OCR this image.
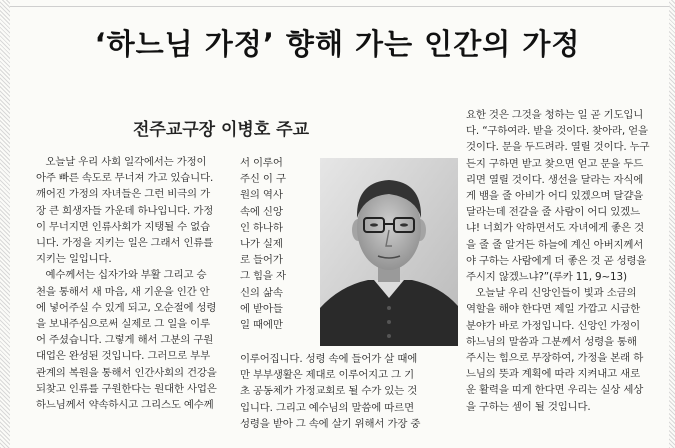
‘하느님 가정’ 향해 가는 인간의 가정
전주교구장 이병호 주교
오늘날 우리 사회 일각에서는 가정이
아주 빠른 속도로 무너져 가고 있습니다.
깨어진 가정의 자녀들은 그런 비극의 가
장 큰 희생자들 가운데 하나입니다. 가정
이 무너지면 인류사회가 지탱될 수 없습
니다. 가정을 지키는 일은 그래서 인류를
지키는 일입니다.
예수께서는 십자가와 부활 그리고 승
천을 통해서 새 마음, 새 기운을 인간 안
에 넣어주실 수 있게 되고, 오순절에 성령
을 보내주심으로써 실제로 그 일을 이루
어 주셨습니다. 그렇게 해서 그분의 구원
대업은 완성된 것입니다. 그러므로 부부
관계의 복원을 통해서 인간사회의 건강을
되찾고 인류를 구원한다는 원대한 사업은
하느님께서 약속하시고 그리스도 예수께
서 이루어
주신 이 구
원의 역사
속에 신앙
인 하나하
나가 실제
로 들어가
그 힘을 자
신의 삶속
에 받아들
일 때에만
이루어집니다. 성령 속에 들어가 살 때에
만 부부생활은 제대로 이루어지고 그 기
초 공동체가 가정교회로 될 수가 있는 것
입니다. 그리고 예수님의 말씀에 따르면
성령을 받아 그 속에 살기 위해서 가장 중
요한 것은 그것을 청하는 일 곧 기도입니
다. “구하여라. 받을 것이다. 찾아라, 얻을
것이다. 문을 두드려라. 열릴 것이다. 누구
든지 구하면 받고 찾으면 얻고 문을 두드
리면 열릴 것이다. 생선을 달라는 자식에
게 뱀을 줄 아비가 어디 있겠으며 달걀을
달라는데 전갈을 줄 사람이 어디 있겠느
냐! 너희가 악하면서도 자녀에게 좋은 것
을 줄 줄 알거든 하늘에 계신 아버지께서
야 구하는 사람에게 더 좋은 것 곧 성령을
주시지 않겠느냐?”(루카 11, 9~13)
오늘날 우리 신앙인들이 빛과 소금의
역할을 해야 한다면 제일 가깝고 시급한
분야가 바로 가정입니다. 신앙인 가정이
하느님의 말씀과 그분께서 성령을 통해
주시는 힘으로 무장하여, 가정을 본래 하
느님의 뜻과 계획에 따라 지켜내고 새로
운 활력을 띠게 한다면 우리는 실상 세상
을 구하는 셈이 될 것입니다.
